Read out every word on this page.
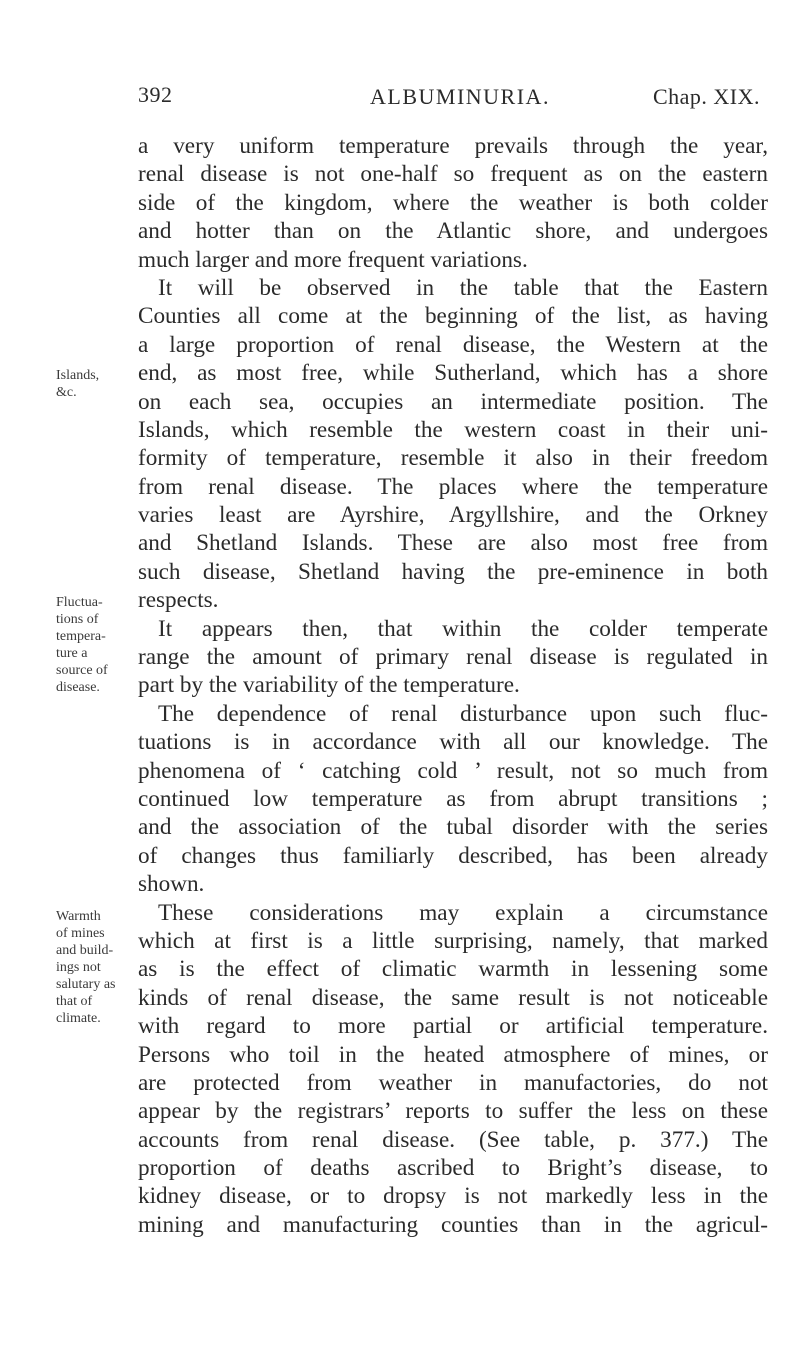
392	ALBUMINURIA.	Chap. XIX.
Islands,
&c.
Fluctua-
tions of
tempera-
ture a
source of
disease.
Warmth
of mines
and build-
ings not
salutary as
that of
climate.
a very uniform temperature prevails through the year,
renal disease is not one-half so frequent as on the eastern
side of the kingdom, where the weather is both colder
and hotter than on the Atlantic shore, and undergoes
much larger and more frequent variations.
It will be observed in the table that the Eastern
Counties all come at the beginning of the list, as having
a large proportion of renal disease, the Western at the
end, as most free, while Sutherland, which has a shore
on each sea, occupies an intermediate position. The
Islands, which resemble the western coast in their uni-
formity of temperature, resemble it also in their freedom
from renal disease. The places where the temperature
varies least are Ayrshire, Argyllshire, and the Orkney
and Shetland Islands. These are also most free from
such disease, Shetland having the pre-eminence in both
respects.
It appears then, that within the colder temperate
range the amount of primary renal disease is regulated in
part by the variability of the temperature.
The dependence of renal disturbance upon such fluc-
tuations is in accordance with all our knowledge. The
phenomena of ‘ catching cold ’ result, not so much from
continued low temperature as from abrupt transitions ;
and the association of the tubal disorder with the series
of changes thus familiarly described, has been already
shown.
These considerations may explain a circumstance
which at first is a little surprising, namely, that marked
as is the effect of climatic warmth in lessening some
kinds of renal disease, the same result is not noticeable
with regard to more partial or artificial temperature.
Persons who toil in the heated atmosphere of mines, or
are protected from weather in manufactories, do not
appear by the registrars’ reports to suffer the less on these
accounts from renal disease. (See table, p. 377.) The
proportion of deaths ascribed to Bright’s disease, to
kidney disease, or to dropsy is not markedly less in the
mining and manufacturing counties than in the agricul-
